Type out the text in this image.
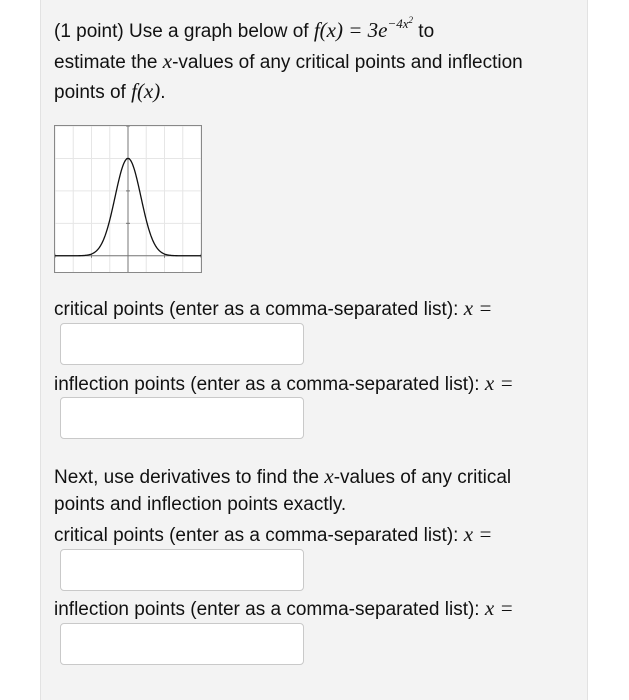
(1 point) Use a graph below of $f(x) = 3e^{-4x^2}$ to
estimate the x-values of any critical points and inflection
points of f(x).
critical points (enter as a comma-separated list): x =
inflection points (enter as a comma-separated list): x =
Next, use derivatives to find the x-values of any critical
points and inflection points exactly.
critical points (enter as a comma-separated list): x =
inflection points (enter as a comma-separated list): x =
